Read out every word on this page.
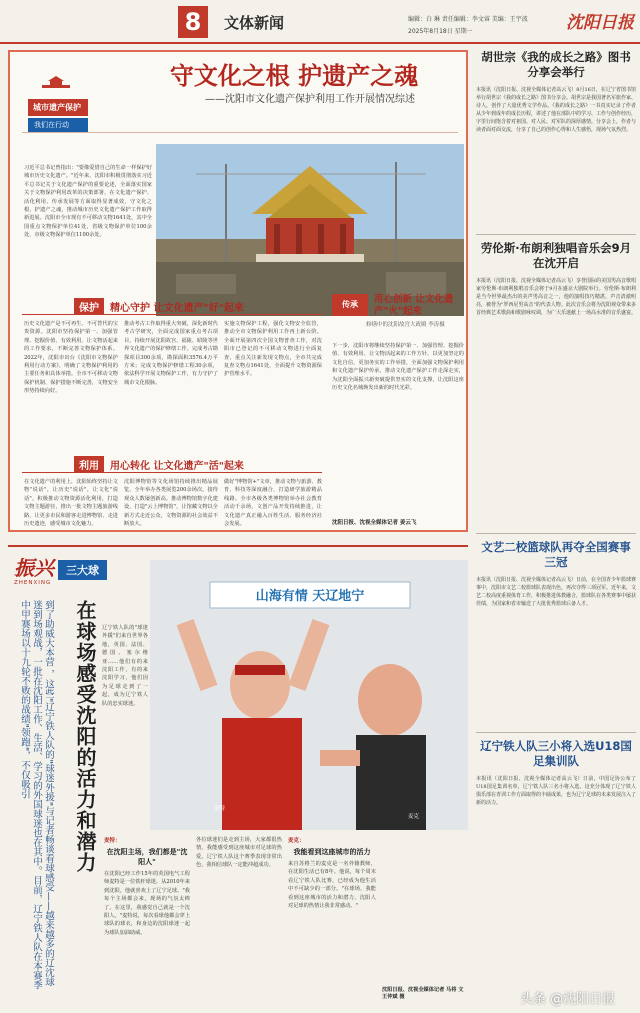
8	文体新闻	编辑：白 琳 责任编辑：李文睿 美编：王宇波
2025年8月18日 星期一	沈阳日报
城市遗产保护
我们在行动
守文化之根 护遗产之魂
——沈阳市文化遗产保护利用工作开展情况综述
习近平总书记曾指出："要像爱惜自己的生命一样保护好城市历史文化遗产。"近年来，沈阳市积极贯彻落实习近平总书记关于文化遗产保护的重要论述，全面落实国家关于文物保护利用改革的决策部署，在文化遗产保护、活化利用、传承发展等方面取得显著成效，守文化之根，护遗产之魂，推动城市历史文化遗产保护工作取得新进展。沈阳市全市现有不可移动文物1641处，其中全国重点文物保护单位41处，省级文物保护单位100余处，市级文物保护单位1100余处。
修缮中的沈阳故宫大政殿 李涛摄
保护 精心守护 让文化遗产"好"起来
历史文化遗产是不可再生、不可替代的宝贵资源。沈阳市坚持保护第一、加强管理、挖掘价值、有效利用、让文物活起来的工作要求，不断完善文物保护体系。2022年，沈阳市出台《沈阳市文物保护利用行动方案》，明确了文物保护利用的主要任务和具体举措。全市不可移动文物保护机制、保护措施不断完善，文物安全形势持续向好。
推动考古工作取得重大突破，深化新时代考古学研究，全面完成国家重点考古项目，持续开展沈阳故宫、福陵、昭陵等世界文化遗产的保护修缮工作。完成考古勘探项目300余项，勘探面积3576.4万平方米；完成文物保护修缮工程30余项，依法科学开展文物保护工作，有力守护了城市文化根脉。
实施文物保护工程，强化文物安全监管，推动全市文物保护利用工作再上新台阶。全面开展第四次全国文物普查工作，对沈阳市已登记的不可移动文物进行全面复查，重点关注新发现文物点，全市共完成复查文物点1641处，全面提升文物资源保护管理水平。
利用 用心转化 让文化遗产"活"起来
在文化遗产的利用上，沈阳始终坚持让文物"说话"，让历史"说话"，让文化"说话"。积极推动文物资源活化利用，打造文物主题游径，推出一批文物主题旅游线路，让更多市民和游客走进博物馆、走进历史遗迹，感受城市文化魅力。
沈阳博物馆等文化场馆持续推出精品展览，全年举办各类展览200余场次，接待观众人数屡创新高。推动博物馆数字化建设，打造"云上博物馆"，让馆藏文物以全新方式走近公众，文物资源的社会效益不断放大。
做好"博物馆+"文章，推动文物与旅游、教育、科技等深度融合，打造研学旅游精品线路。全市各级各类博物馆举办社会教育活动千余场，文创产品开发持续推进，让文化遗产真正融入百姓生活、服务经济社会发展。
传承	用心创新 让文化遗产"火"起来
下一步，沈阳市将继续坚持保护第一、加强管理、挖掘价值、有效利用、让文物活起来的工作方针，以更加坚定的文化自信、更加务实的工作举措，全面加强文物保护利用和文化遗产保护传承，推动文化遗产保护工作走深走实，为沈阳全面振兴新突破提供坚实的文化支撑，让沈阳这座历史文化名城焕发出新的时代光彩。
沈阳日报、沈视全媒体记者 姜云飞
胡世宗《我的成长之路》图书分享会举行
本报讯（沈阳日报、沈视全媒体记者高云飞）8月16日，在辽宁省图书馆举行胡世宗《我的成长之路》图书分享会。胡世宗是我国著名军旅作家、诗人，创作了大量优秀文学作品。《我的成长之路》一书真实记录了作者从少年到成年的成长历程，讲述了他在部队中的学习、工作与创作经历，字里行间饱含着对祖国、对人民、对军队的深厚感情。分享会上，作者与读者面对面交流，分享了自己的创作心得和人生感悟，现场气氛热烈。
劳伦斯·布朗利独唱音乐会9月在沈开启
本报讯（沈阳日报、沈视全媒体记者高云飞）享誉国际的美国男高音歌唱家劳伦斯·布朗利独唱音乐会将于9月在盛京大剧院举行。劳伦斯·布朗利是当今世界最杰出的美声男高音之一，他的演唱技巧精湛，声音清澈明亮，被誉为"罗西尼男高音"的代表人物。此次音乐会将为沈阳观众带来多首经典艺术歌曲和歌剧咏叹调，为广大乐迷献上一场高水准的音乐盛宴。
文艺二校篮球队再夺全国赛事三冠
本报讯（沈阳日报、沈视全媒体记者高云飞）日前，在全国青少年篮球赛事中，沈阳市文艺二校篮球队表现出色，再次夺得三项冠军。近年来，文艺二校高度重视体育工作，积极推进体教融合，篮球队在各类赛事中屡获佳绩，为国家和省市输送了大批优秀篮球后备人才。
辽宁铁人队三小将入选U18国足集训队
本报讯（沈阳日报、沈视全媒体记者高云飞）日前，中国足协公布了U18国足集训名单，辽宁铁人队三名小将入选。这充分体现了辽宁铁人俱乐部在青训工作方面取得的丰硕成果，也为辽宁足球的未来发展注入了新的活力。
振兴
ZHENXING
三大球
山海有情 天辽地宁
麦特
麦克
到了助威大本营 ，这些"辽宁铁人队的"球迷外援"与记者畅谈看球感受——越来越多的辽沈球迷到场观战，一批在沈阳工作、生活、学习的外国球迷也在其中。目前，辽宁铁人队在本赛季中甲赛场以十九轮不败的战绩"领跑"，不仅吸引	在球场感受沈阳的活力和潜力 辽宁铁人队的"球迷外援"们来自世界各地，英国、法国、德国、塞尔维亚……他们有的来沈阳工作，有的来沈阳学习，他们因为足球走到了一起，成为辽宁铁人队的忠实球迷。
麦特：
在沈阳主场，我们都是"沈阳人"
在沈阳已经工作15年的英国电气工程师麦特是一位铁杆球迷。从2010年来到沈阳，他就喜欢上了辽宁足球。"我每个主场都会来，现场的气氛太棒了，在这里，我感觉自己就是一个沈阳人。"麦特说，每次看球他都会穿上球队的球衣，和身边的沈阳球迷一起为球队加油助威。
各位球迷们是走到主场，大家都很热情，我能感受到这座城市对足球的热爱。辽宁铁人队这个赛季表现非常出色，我相信球队一定能冲超成功。
麦克：
我能看到这座城市的活力
来自苏格兰的麦克是一名外籍教师，在沈阳生活已有8年。他说，每个周末看辽宁铁人队比赛，已经成为他生活中不可缺少的一部分。"在球场，我能看到这座城市的活力和潜力，沈阳人对足球的热情让我非常感动。"
沈阳日报、沈视全媒体记者 马将 文 王仲斌 摄	头条 @沈阳日报
